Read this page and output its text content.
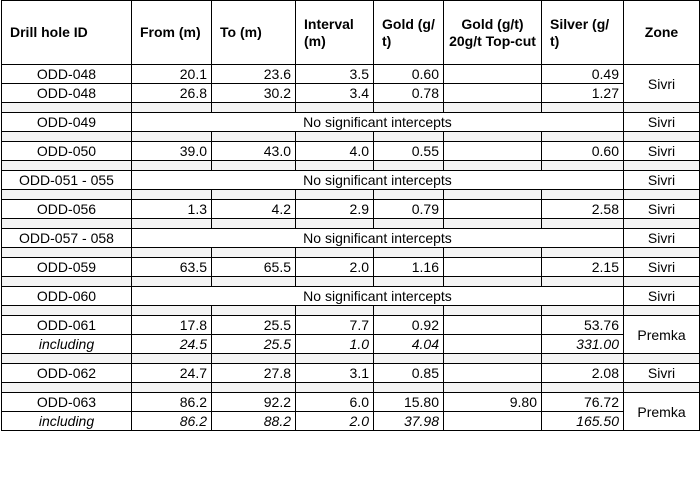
Drill hole ID	From (m)	To (m)	Interval (m)	Gold (g/ t)	Gold (g/t) 20g/t Top-cut	Silver (g/ t)	Zone
ODD-048	20.1	23.6	3.5	0.60		0.49	Sivri
ODD-048	26.8	30.2	3.4	0.78		1.27	

ODD-049	No significant intercepts						Sivri

ODD-050	39.0	43.0	4.0	0.55		0.60	Sivri

ODD-051 - 055	No significant intercepts						Sivri

ODD-056	1.3	4.2	2.9	0.79		2.58	Sivri

ODD-057 - 058	No significant intercepts						Sivri

ODD-059	63.5	65.5	2.0	1.16		2.15	Sivri

ODD-060	No significant intercepts						Sivri

ODD-061	17.8	25.5	7.7	0.92		53.76	Premka
including	24.5	25.5	1.0	4.04		331.00	

ODD-062	24.7	27.8	3.1	0.85		2.08	Sivri

ODD-063	86.2	92.2	6.0	15.80	9.80	76.72	Premka
including	86.2	88.2	2.0	37.98		165.50	
